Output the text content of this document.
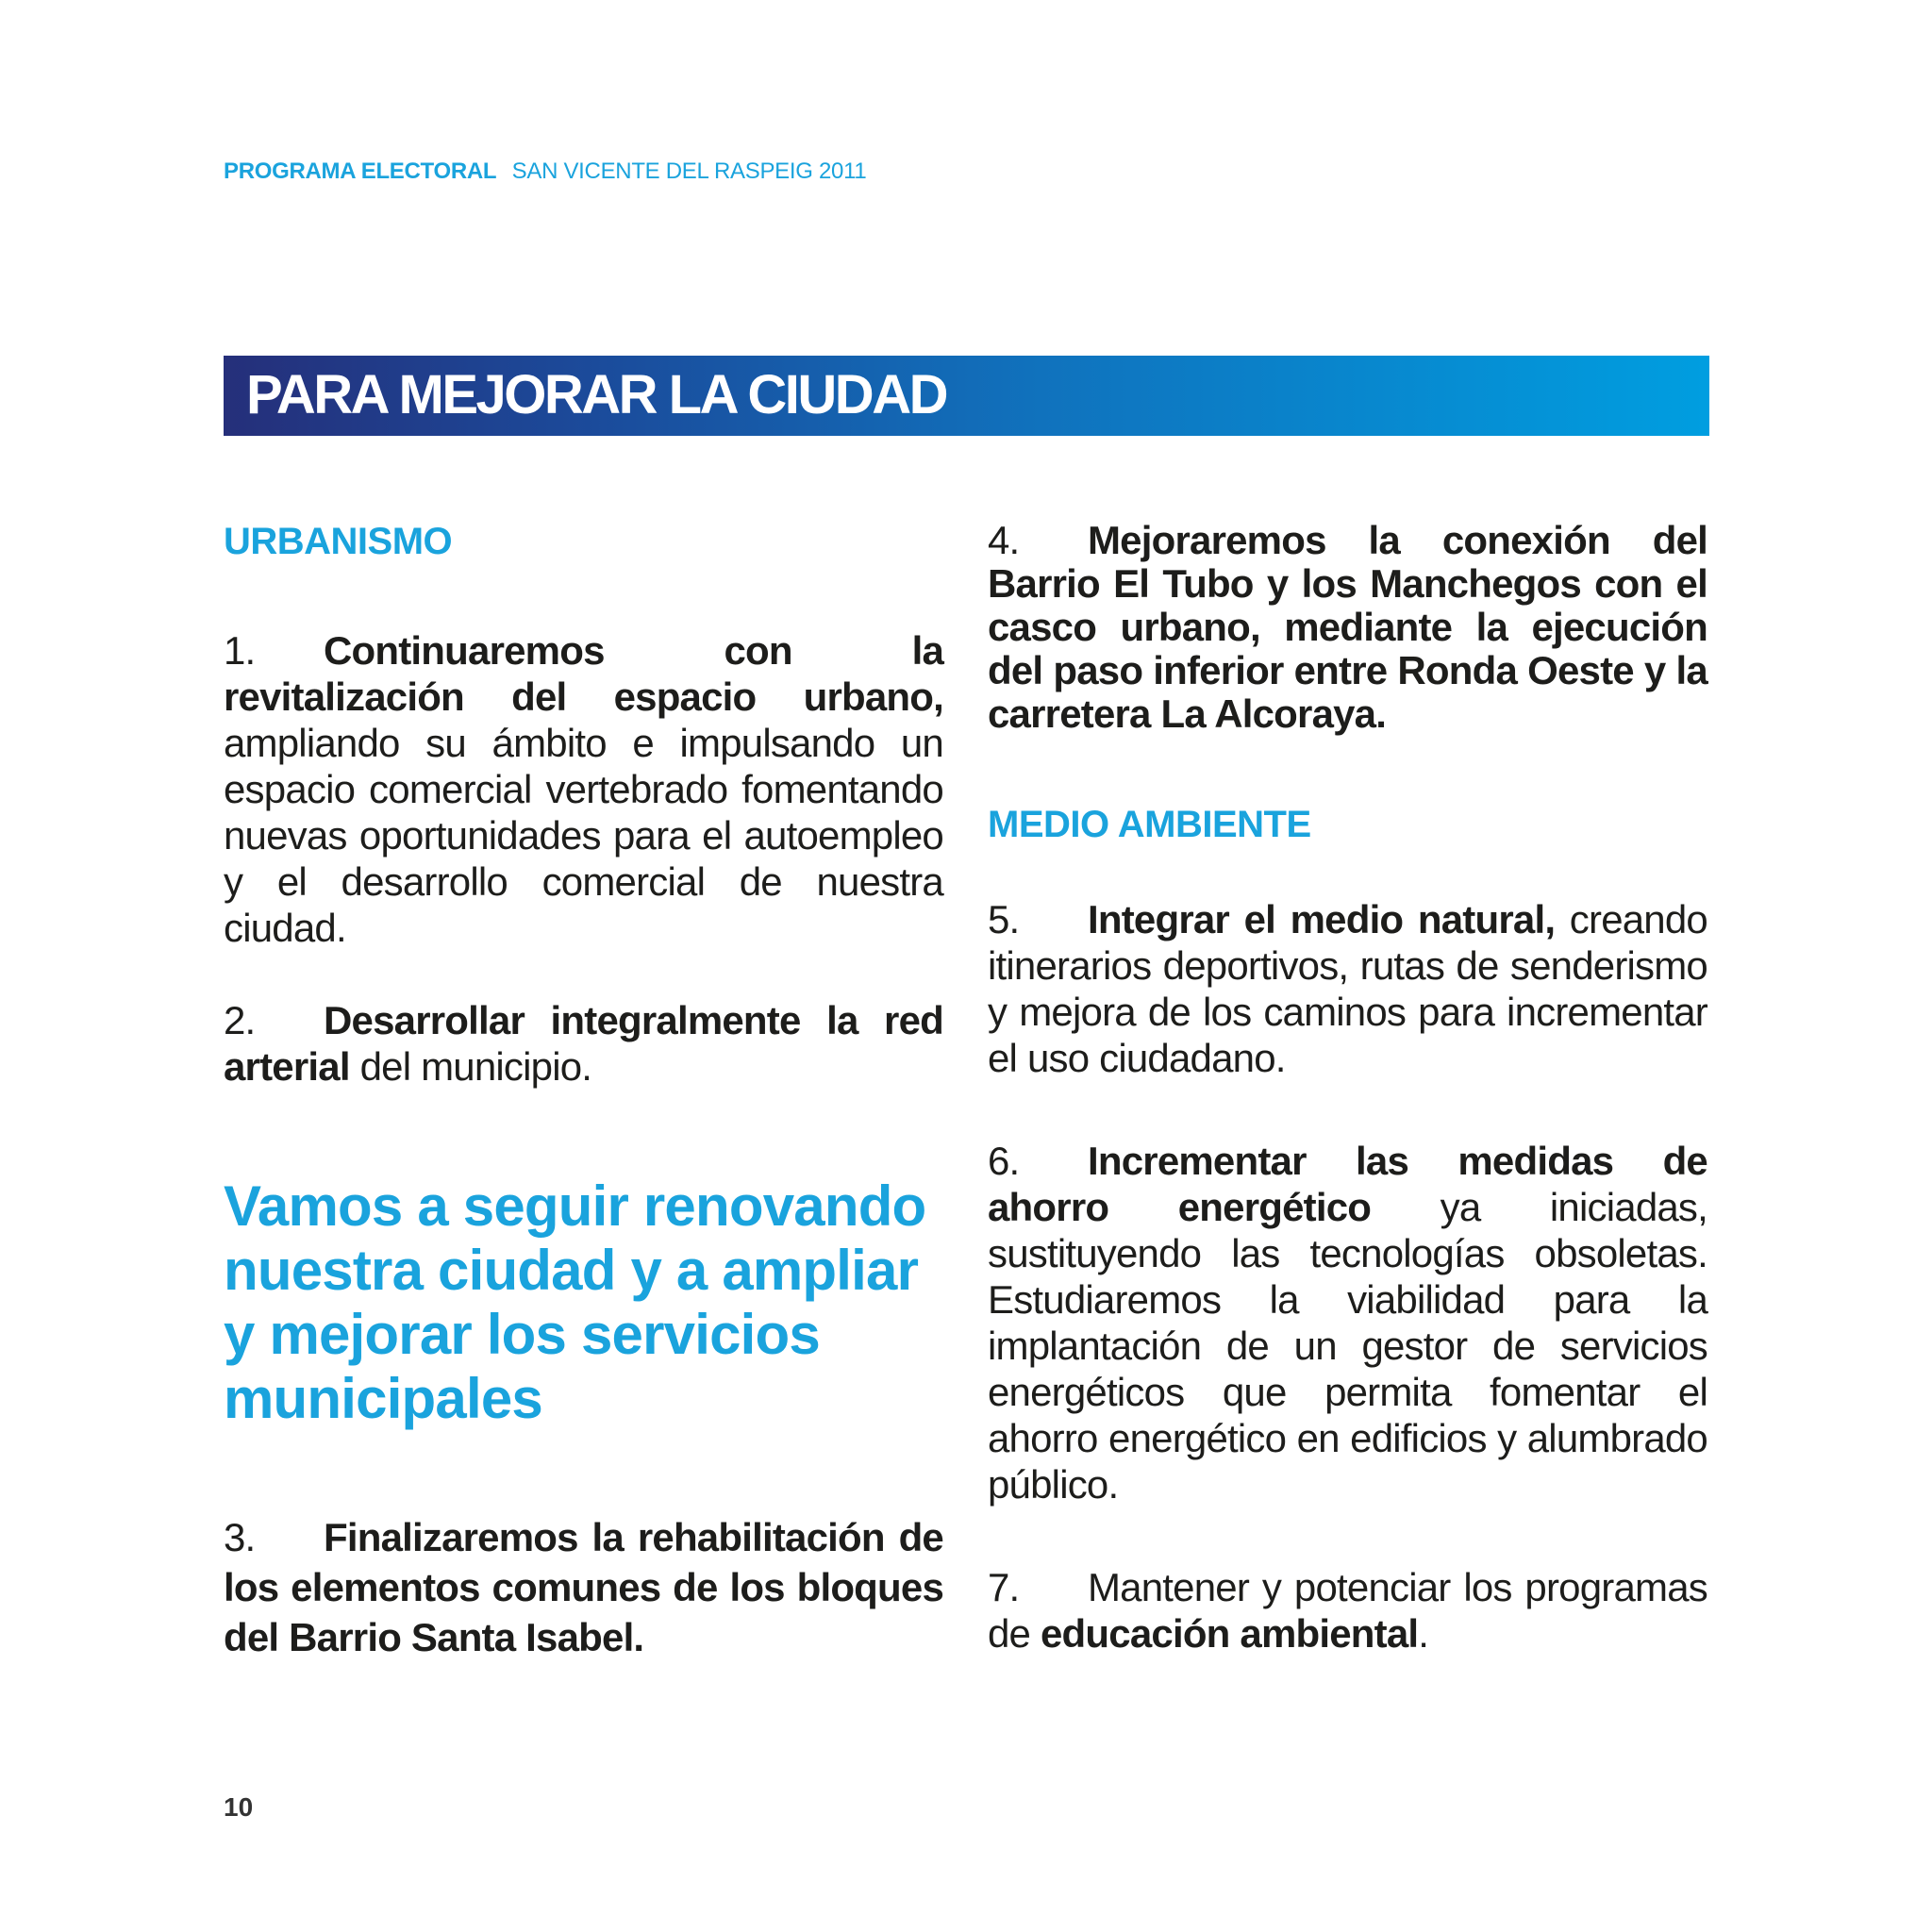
PROGRAMA ELECTORAL SAN VICENTE DEL RASPEIG 2011
PARA MEJORAR LA CIUDAD
URBANISMO

1. Continuaremos con la revitalización del espacio urbano, ampliando su ámbito e impulsando un espacio comercial vertebrado fomentando nuevas oportunidades para el autoempleo y el desarrollo comercial de nuestra ciudad.

2. Desarrollar integralmente la red arterial del municipio.

Vamos a seguir renovando nuestra ciudad y a ampliar y mejorar los servicios municipales

3. Finalizaremos la rehabilitación de los elementos comunes de los bloques del Barrio Santa Isabel.

4. Mejoraremos la conexión del Barrio El Tubo y los Manchegos con el casco urbano, mediante la ejecución del paso inferior entre Ronda Oeste y la carretera La Alcoraya.

MEDIO AMBIENTE

5. Integrar el medio natural, creando itinerarios deportivos, rutas de senderismo y mejora de los caminos para incrementar el uso ciudadano.

6. Incrementar las medidas de ahorro energético ya iniciadas, sustituyendo las tecnologías obsoletas. Estudiaremos la viabilidad para la implantación de un gestor de servicios energéticos que permita fomentar el ahorro energético en edificios y alumbrado público.

7. Mantener y potenciar los programas de educación ambiental.

10
